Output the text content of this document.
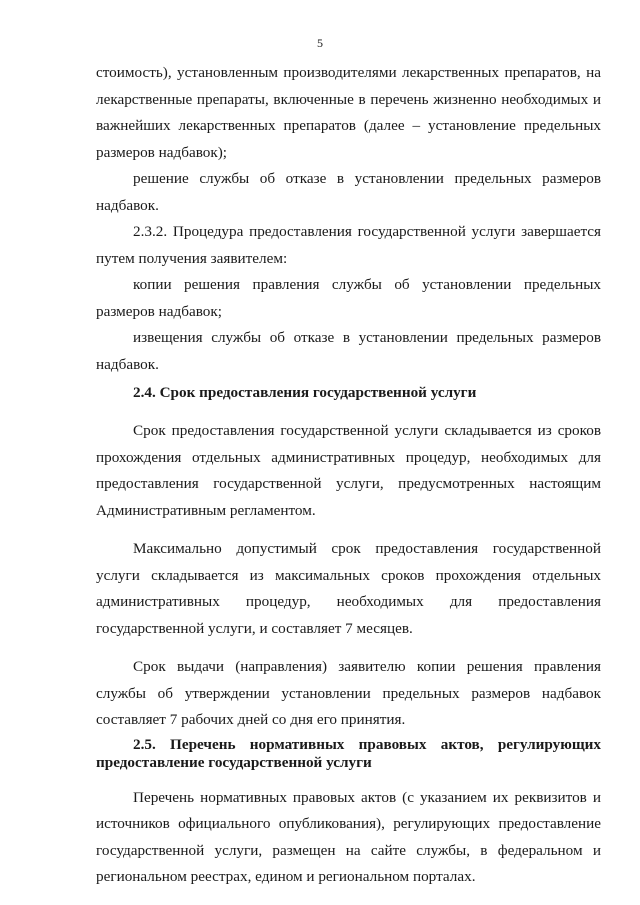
5

стоимость), установленным производителями лекарственных препаратов, на лекарственные препараты, включенные в перечень жизненно необходимых и важнейших лекарственных препаратов (далее – установление предельных размеров надбавок);

решение службы об отказе в установлении предельных размеров надбавок.

2.3.2. Процедура предоставления государственной услуги завершается путем получения заявителем:

копии решения правления службы об установлении предельных размеров надбавок;

извещения службы об отказе в установлении предельных размеров надбавок.

2.4. Срок предоставления государственной услуги

Срок предоставления государственной услуги складывается из сроков прохождения отдельных административных процедур, необходимых для предоставления государственной услуги, предусмотренных настоящим Административным регламентом.

Максимально допустимый срок предоставления государственной услуги складывается из максимальных сроков прохождения отдельных административных процедур, необходимых для предоставления государственной услуги, и составляет 7 месяцев.

Срок выдачи (направления) заявителю копии решения правления службы об утверждении установлении предельных размеров надбавок составляет 7 рабочих дней со дня его принятия.

2.5. Перечень нормативных правовых актов, регулирующих предоставление государственной услуги

Перечень нормативных правовых актов (с указанием их реквизитов и источников официального опубликования), регулирующих предоставление государственной услуги, размещен на сайте службы, в федеральном и региональном реестрах, едином и региональном порталах.
